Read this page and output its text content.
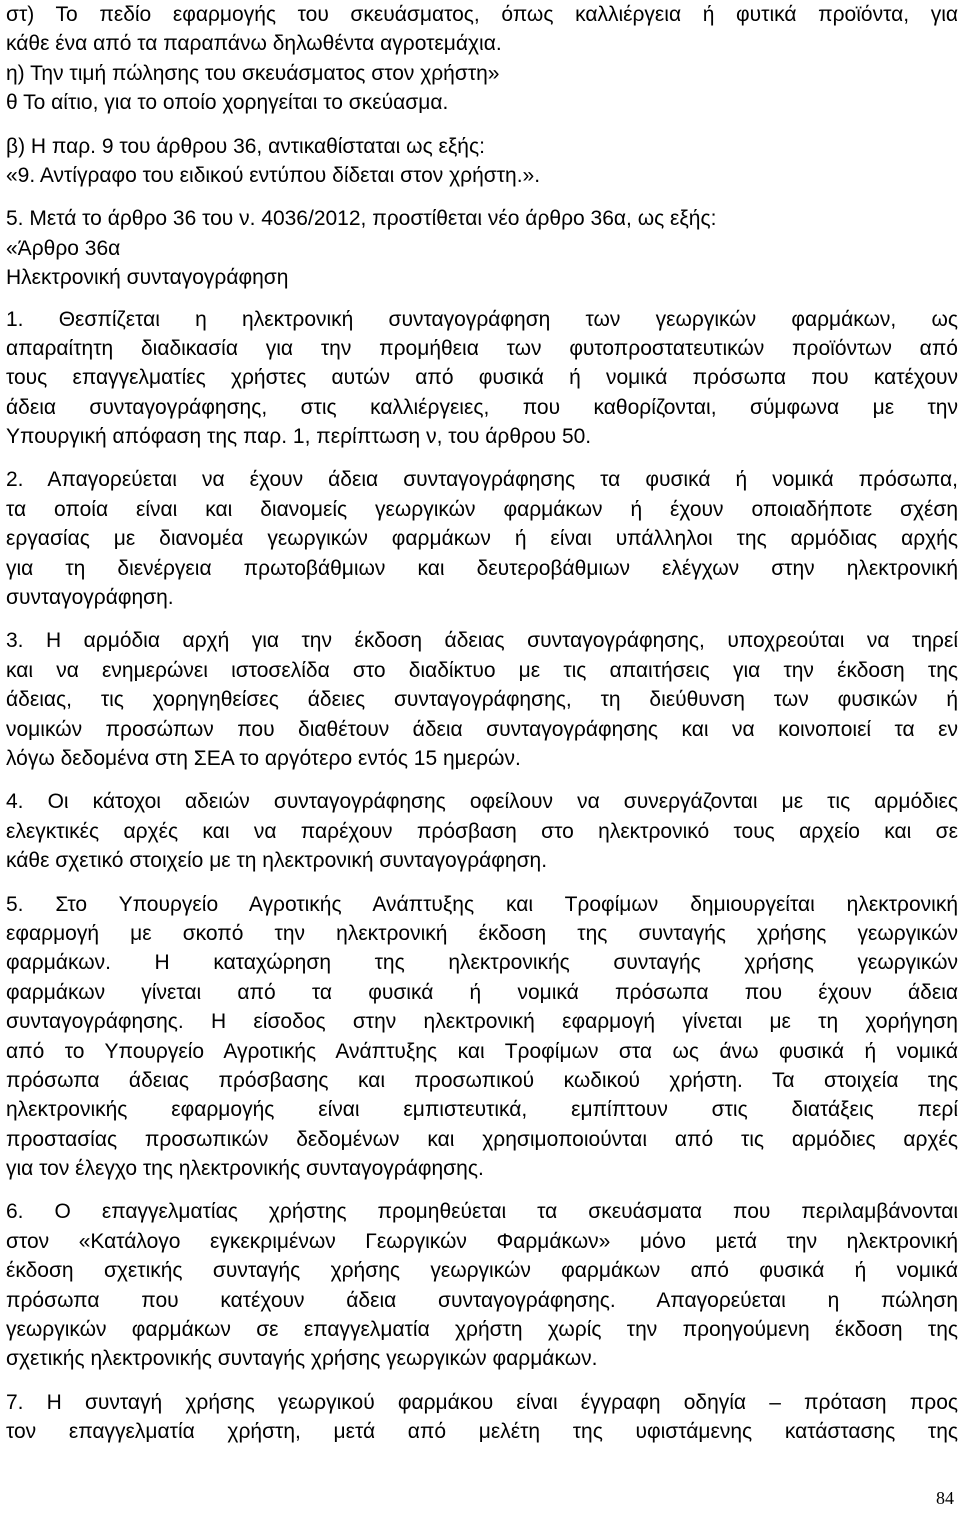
στ) Το πεδίο εφαρμογής του σκευάσματος, όπως καλλιέργεια ή φυτικά προϊόντα, για
κάθε ένα από τα παραπάνω δηλωθέντα αγροτεμάχια.
η) Την τιμή πώλησης του σκευάσματος στον χρήστη»
θ Το αίτιο, για το οποίο χορηγείται το σκεύασμα.
β) Η παρ. 9 του άρθρου 36, αντικαθίσταται ως εξής:
«9. Αντίγραφο του ειδικού εντύπου δίδεται στον χρήστη.».
5. Μετά το άρθρο 36 του ν. 4036/2012, προστίθεται νέο άρθρο 36α, ως εξής:
«Άρθρο 36α
Ηλεκτρονική συνταγογράφηση
1. Θεσπίζεται η ηλεκτρονική συνταγογράφηση των γεωργικών φαρμάκων, ως
απαραίτητη διαδικασία για την προμήθεια των φυτοπροστατευτικών προϊόντων από
τους επαγγελματίες χρήστες αυτών από φυσικά ή νομικά πρόσωπα που κατέχουν
άδεια συνταγογράφησης, στις καλλιέργειες, που καθορίζονται, σύμφωνα με την
Υπουργική απόφαση της παρ. 1, περίπτωση ν, του άρθρου 50.
2. Απαγορεύεται να έχουν άδεια συνταγογράφησης τα φυσικά ή νομικά πρόσωπα,
τα οποία είναι και διανομείς γεωργικών φαρμάκων ή έχουν οποιαδήποτε σχέση
εργασίας με διανομέα γεωργικών φαρμάκων ή είναι υπάλληλοι της αρμόδιας αρχής
για τη διενέργεια πρωτοβάθμιων και δευτεροβάθμιων ελέγχων στην ηλεκτρονική
συνταγογράφηση.
3. Η αρμόδια αρχή για την έκδοση άδειας συνταγογράφησης, υποχρεούται να τηρεί
και να ενημερώνει ιστοσελίδα στο διαδίκτυο με τις απαιτήσεις για την έκδοση της
άδειας, τις χορηγηθείσες άδειες συνταγογράφησης, τη διεύθυνση των φυσικών ή
νομικών προσώπων που διαθέτουν άδεια συνταγογράφησης και να κοινοποιεί τα εν
λόγω δεδομένα στη ΣΕΑ το αργότερο εντός 15 ημερών.
4. Οι κάτοχοι αδειών συνταγογράφησης οφείλουν να συνεργάζονται με τις αρμόδιες
ελεγκτικές αρχές και να παρέχουν πρόσβαση στο ηλεκτρονικό τους αρχείο και σε
κάθε σχετικό στοιχείο με τη ηλεκτρονική συνταγογράφηση.
5. Στο Υπουργείο Αγροτικής Ανάπτυξης και Τροφίμων δημιουργείται ηλεκτρονική
εφαρμογή με σκοπό την ηλεκτρονική έκδοση της συνταγής χρήσης γεωργικών
φαρμάκων. Η καταχώρηση της ηλεκτρονικής συνταγής χρήσης γεωργικών
φαρμάκων γίνεται από τα φυσικά ή νομικά πρόσωπα που έχουν άδεια
συνταγογράφησης. Η είσοδος στην ηλεκτρονική εφαρμογή γίνεται με τη χορήγηση
από το Υπουργείο Αγροτικής Ανάπτυξης και Τροφίμων στα ως άνω φυσικά ή νομικά
πρόσωπα άδειας πρόσβασης και προσωπικού κωδικού χρήστη. Τα στοιχεία της
ηλεκτρονικής εφαρμογής είναι εμπιστευτικά, εμπίπτουν στις διατάξεις περί
προστασίας προσωπικών δεδομένων και χρησιμοποιούνται από τις αρμόδιες αρχές
για τον έλεγχο της ηλεκτρονικής συνταγογράφησης.
6. Ο επαγγελματίας χρήστης προμηθεύεται τα σκευάσματα που περιλαμβάνονται
στον «Κατάλογο εγκεκριμένων Γεωργικών Φαρμάκων» μόνο μετά την ηλεκτρονική
έκδοση σχετικής συνταγής χρήσης γεωργικών φαρμάκων από φυσικά ή νομικά
πρόσωπα που κατέχουν άδεια συνταγογράφησης. Απαγορεύεται η πώληση
γεωργικών φαρμάκων σε επαγγελματία χρήστη χωρίς την προηγούμενη έκδοση της
σχετικής ηλεκτρονικής συνταγής χρήσης γεωργικών φαρμάκων.
7. Η συνταγή χρήσης γεωργικού φαρμάκου είναι έγγραφη οδηγία – πρόταση προς
τον επαγγελματία χρήστη, μετά από μελέτη της υφιστάμενης κατάστασης της
84
